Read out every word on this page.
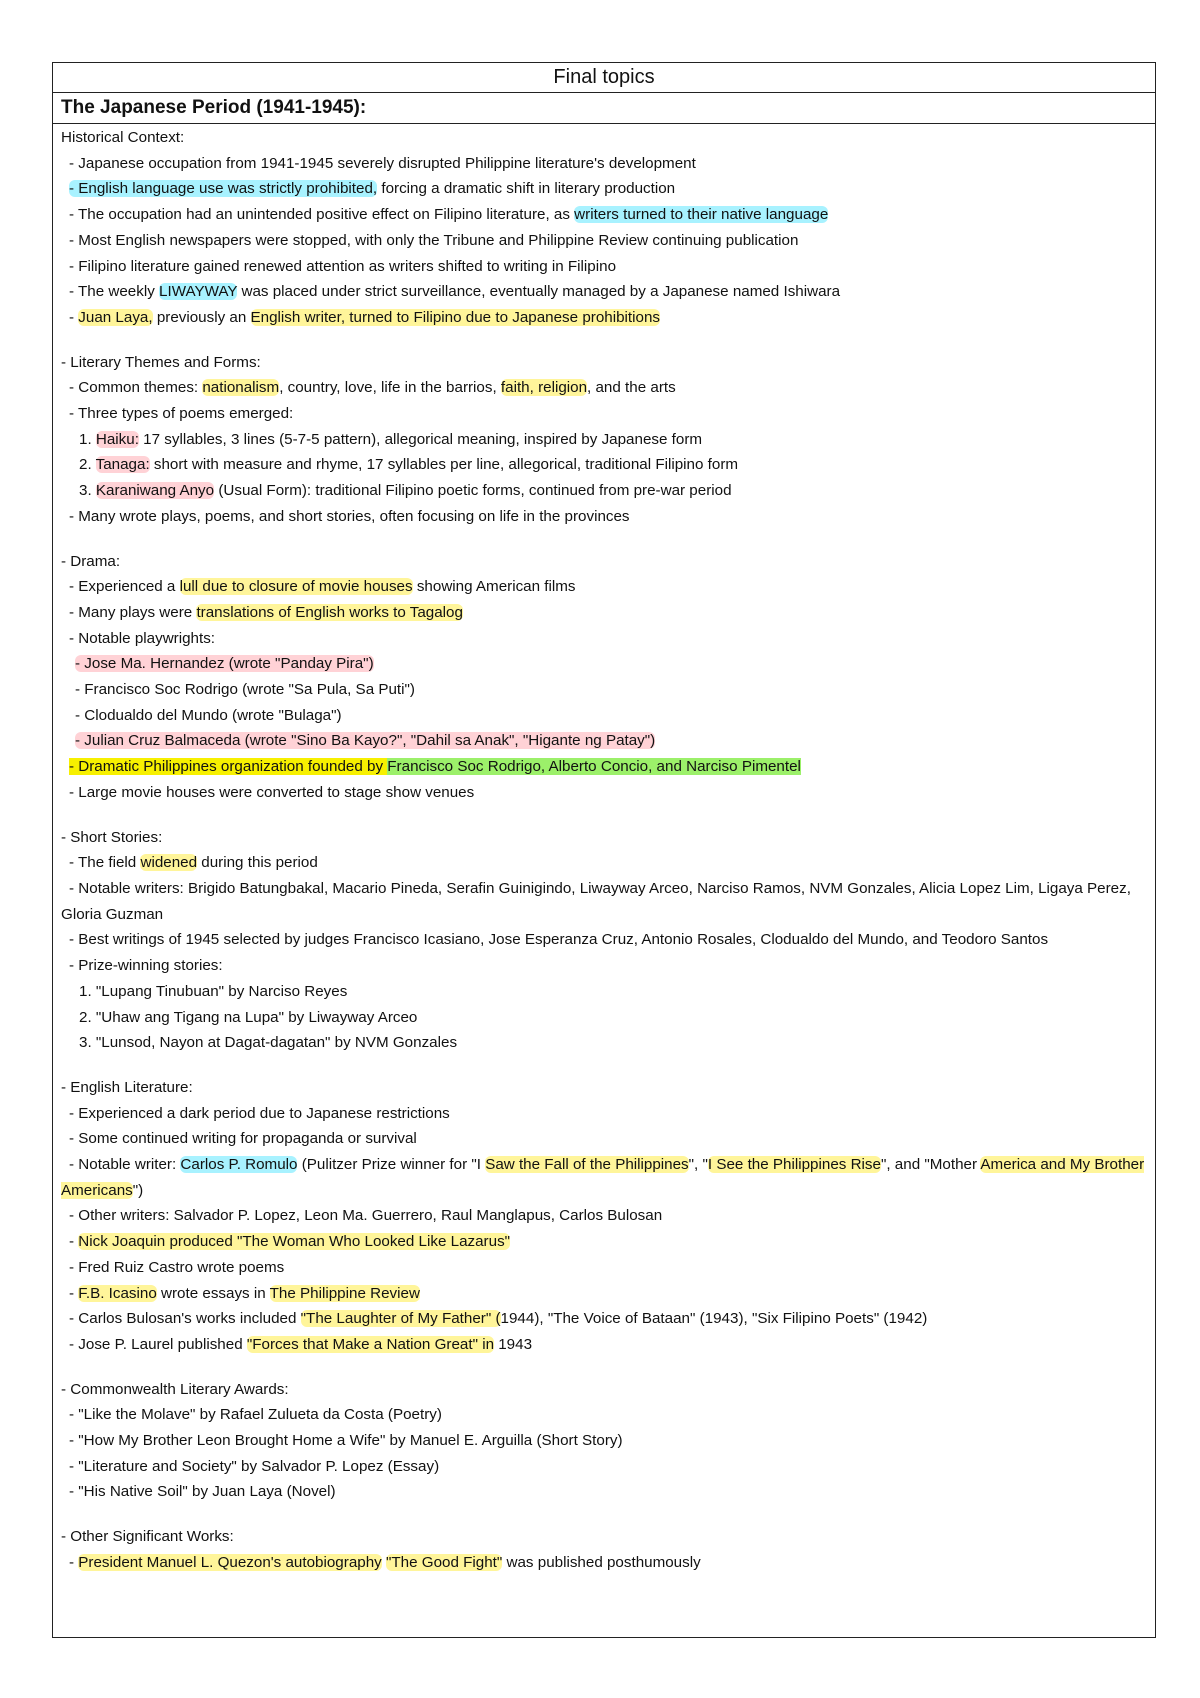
Final topics
The Japanese Period (1941-1945):
Historical Context:
- Japanese occupation from 1941-1945 severely disrupted Philippine literature's development
- English language use was strictly prohibited, forcing a dramatic shift in literary production
- The occupation had an unintended positive effect on Filipino literature, as writers turned to their native language
- Most English newspapers were stopped, with only the Tribune and Philippine Review continuing publication
- Filipino literature gained renewed attention as writers shifted to writing in Filipino
- The weekly LIWAYWAY was placed under strict surveillance, eventually managed by a Japanese named Ishiwara
- Juan Laya, previously an English writer, turned to Filipino due to Japanese prohibitions
- Literary Themes and Forms:
- Common themes: nationalism, country, love, life in the barrios, faith, religion, and the arts
- Three types of poems emerged:
1. Haiku: 17 syllables, 3 lines (5-7-5 pattern), allegorical meaning, inspired by Japanese form
2. Tanaga: short with measure and rhyme, 17 syllables per line, allegorical, traditional Filipino form
3. Karaniwang Anyo (Usual Form): traditional Filipino poetic forms, continued from pre-war period
- Many wrote plays, poems, and short stories, often focusing on life in the provinces
- Drama:
- Experienced a lull due to closure of movie houses showing American films
- Many plays were translations of English works to Tagalog
- Notable playwrights:
- Jose Ma. Hernandez (wrote "Panday Pira")
- Francisco Soc Rodrigo (wrote "Sa Pula, Sa Puti")
- Clodualdo del Mundo (wrote "Bulaga")
- Julian Cruz Balmaceda (wrote "Sino Ba Kayo?", "Dahil sa Anak", "Higante ng Patay")
- Dramatic Philippines organization founded by Francisco Soc Rodrigo, Alberto Concio, and Narciso Pimentel
- Large movie houses were converted to stage show venues
- Short Stories:
- The field widened during this period
- Notable writers: Brigido Batungbakal, Macario Pineda, Serafin Guinigindo, Liwayway Arceo, Narciso Ramos, NVM Gonzales, Alicia Lopez Lim, Ligaya Perez, Gloria Guzman
- Best writings of 1945 selected by judges Francisco Icasiano, Jose Esperanza Cruz, Antonio Rosales, Clodualdo del Mundo, and Teodoro Santos
- Prize-winning stories:
1. "Lupang Tinubuan" by Narciso Reyes
2. "Uhaw ang Tigang na Lupa" by Liwayway Arceo
3. "Lunsod, Nayon at Dagat-dagatan" by NVM Gonzales
- English Literature:
- Experienced a dark period due to Japanese restrictions
- Some continued writing for propaganda or survival
- Notable writer: Carlos P. Romulo (Pulitzer Prize winner for "I Saw the Fall of the Philippines", "I See the Philippines Rise", and "Mother America and My Brother Americans")
- Other writers: Salvador P. Lopez, Leon Ma. Guerrero, Raul Manglapus, Carlos Bulosan
- Nick Joaquin produced "The Woman Who Looked Like Lazarus"
- Fred Ruiz Castro wrote poems
- F.B. Icasino wrote essays in The Philippine Review
- Carlos Bulosan's works included "The Laughter of My Father" (1944), "The Voice of Bataan" (1943), "Six Filipino Poets" (1942)
- Jose P. Laurel published "Forces that Make a Nation Great" in 1943
- Commonwealth Literary Awards:
- "Like the Molave" by Rafael Zulueta da Costa (Poetry)
- "How My Brother Leon Brought Home a Wife" by Manuel E. Arguilla (Short Story)
- "Literature and Society" by Salvador P. Lopez (Essay)
- "His Native Soil" by Juan Laya (Novel)
- Other Significant Works:
- President Manuel L. Quezon's autobiography "The Good Fight" was published posthumously
